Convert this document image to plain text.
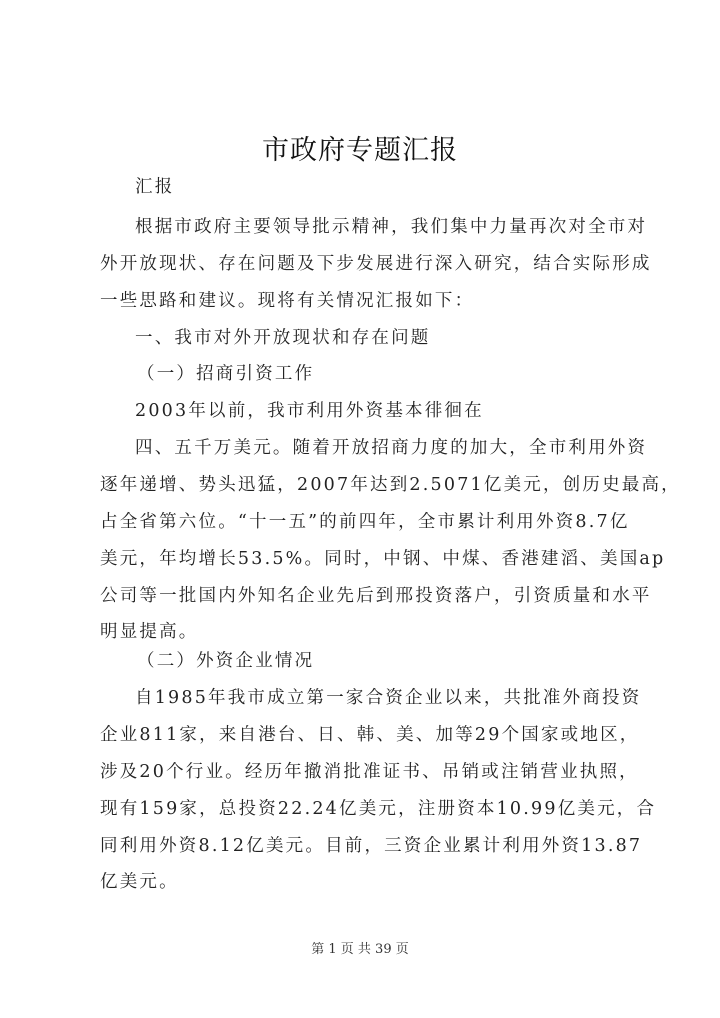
市政府专题汇报
汇报
根据市政府主要领导批示精神，我们集中力量再次对全市对
外开放现状、存在问题及下步发展进行深入研究，结合实际形成
一些思路和建议。现将有关情况汇报如下：
一、我市对外开放现状和存在问题
（一）招商引资工作
2003年以前，我市利用外资基本徘徊在
四、五千万美元。随着开放招商力度的加大，全市利用外资
逐年递增、势头迅猛，2007年达到2.5071亿美元，创历史最高，
占全省第六位。“十一五”的前四年，全市累计利用外资8.7亿
美元，年均增长53.5%。同时，中钢、中煤、香港建滔、美国ap
公司等一批国内外知名企业先后到邢投资落户，引资质量和水平
明显提高。
（二）外资企业情况
自1985年我市成立第一家合资企业以来，共批准外商投资
企业811家，来自港台、日、韩、美、加等29个国家或地区，
涉及20个行业。经历年撤消批准证书、吊销或注销营业执照，
现有159家，总投资22.24亿美元，注册资本10.99亿美元，合
同利用外资8.12亿美元。目前，三资企业累计利用外资13.87
亿美元。
第 1 页 共 39 页
